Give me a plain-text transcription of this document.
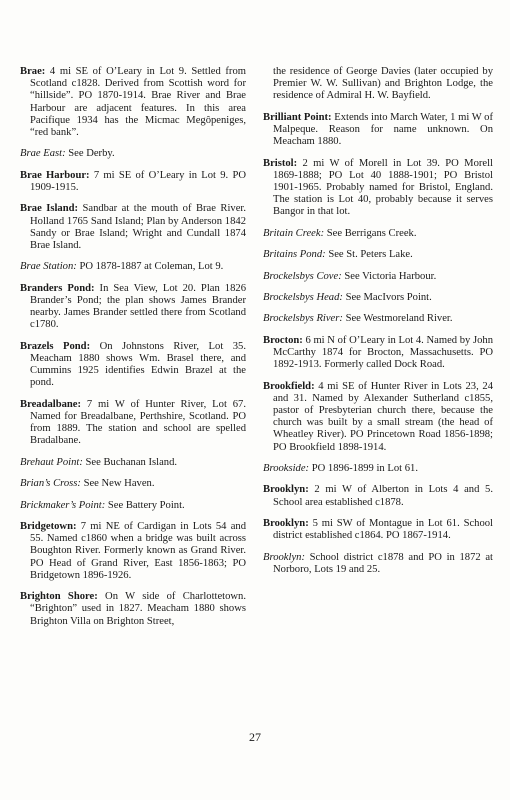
Brae: 4 mi SE of O’Leary in Lot 9. Settled from Scotland c1828. Derived from Scottish word for “hillside”. PO 1870-1914. Brae River and Brae Harbour are adjacent features. In this area Pacifique 1934 has the Micmac Megôpeniges, “red bank”.

Brae East: See Derby.

Brae Harbour: 7 mi SE of O’Leary in Lot 9. PO 1909-1915.

Brae Island: Sandbar at the mouth of Brae River. Holland 1765 Sand Island; Plan by Anderson 1842 Sandy or Brae Island; Wright and Cundall 1874 Brae Island.

Brae Station: PO 1878-1887 at Coleman, Lot 9.

Branders Pond: In Sea View, Lot 20. Plan 1826 Brander’s Pond; the plan shows James Brander nearby. James Brander settled there from Scotland c1780.

Brazels Pond: On Johnstons River, Lot 35. Meacham 1880 shows Wm. Brasel there, and Cummins 1925 identifies Edwin Brazel at the pond.

Breadalbane: 7 mi W of Hunter River, Lot 67. Named for Breadalbane, Perthshire, Scotland. PO from 1889. The station and school are spelled Bradalbane.

Brehaut Point: See Buchanan Island.

Brian’s Cross: See New Haven.

Brickmaker’s Point: See Battery Point.

Bridgetown: 7 mi NE of Cardigan in Lots 54 and 55. Named c1860 when a bridge was built across Boughton River. Formerly known as Grand River. PO Head of Grand River, East 1856-1863; PO Bridgetown 1896-1926.

Brighton Shore: On W side of Charlottetown. “Brighton” used in 1827. Meacham 1880 shows Brighton Villa on Brighton Street,

the residence of George Davies (later occupied by Premier W. W. Sullivan) and Brighton Lodge, the residence of Admiral H. W. Bayfield.

Brilliant Point: Extends into March Water, 1 mi W of Malpeque. Reason for name unknown. On Meacham 1880.

Bristol: 2 mi W of Morell in Lot 39. PO Morell 1869-1888; PO Lot 40 1888-1901; PO Bristol 1901-1965. Probably named for Bristol, England. The station is Lot 40, probably because it serves Bangor in that lot.

Britain Creek: See Berrigans Creek.

Britains Pond: See St. Peters Lake.

Brockelsbys Cove: See Victoria Harbour.

Brockelsbys Head: See MacIvors Point.

Brockelsbys River: See Westmoreland River.

Brocton: 6 mi N of O’Leary in Lot 4. Named by John McCarthy 1874 for Brocton, Massachusetts. PO 1892-1913. Formerly called Dock Road.

Brookfield: 4 mi SE of Hunter River in Lots 23, 24 and 31. Named by Alexander Sutherland c1855, pastor of Presbyterian church there, because the church was built by a small stream (the head of Wheatley River). PO Princetown Road 1856-1898; PO Brookfield 1898-1914.

Brookside: PO 1896-1899 in Lot 61.

Brooklyn: 2 mi W of Alberton in Lots 4 and 5. School area established c1878.

Brooklyn: 5 mi SW of Montague in Lot 61. School district established c1864. PO 1867-1914.

Brooklyn: School district c1878 and PO in 1872 at Norboro, Lots 19 and 25.

27
